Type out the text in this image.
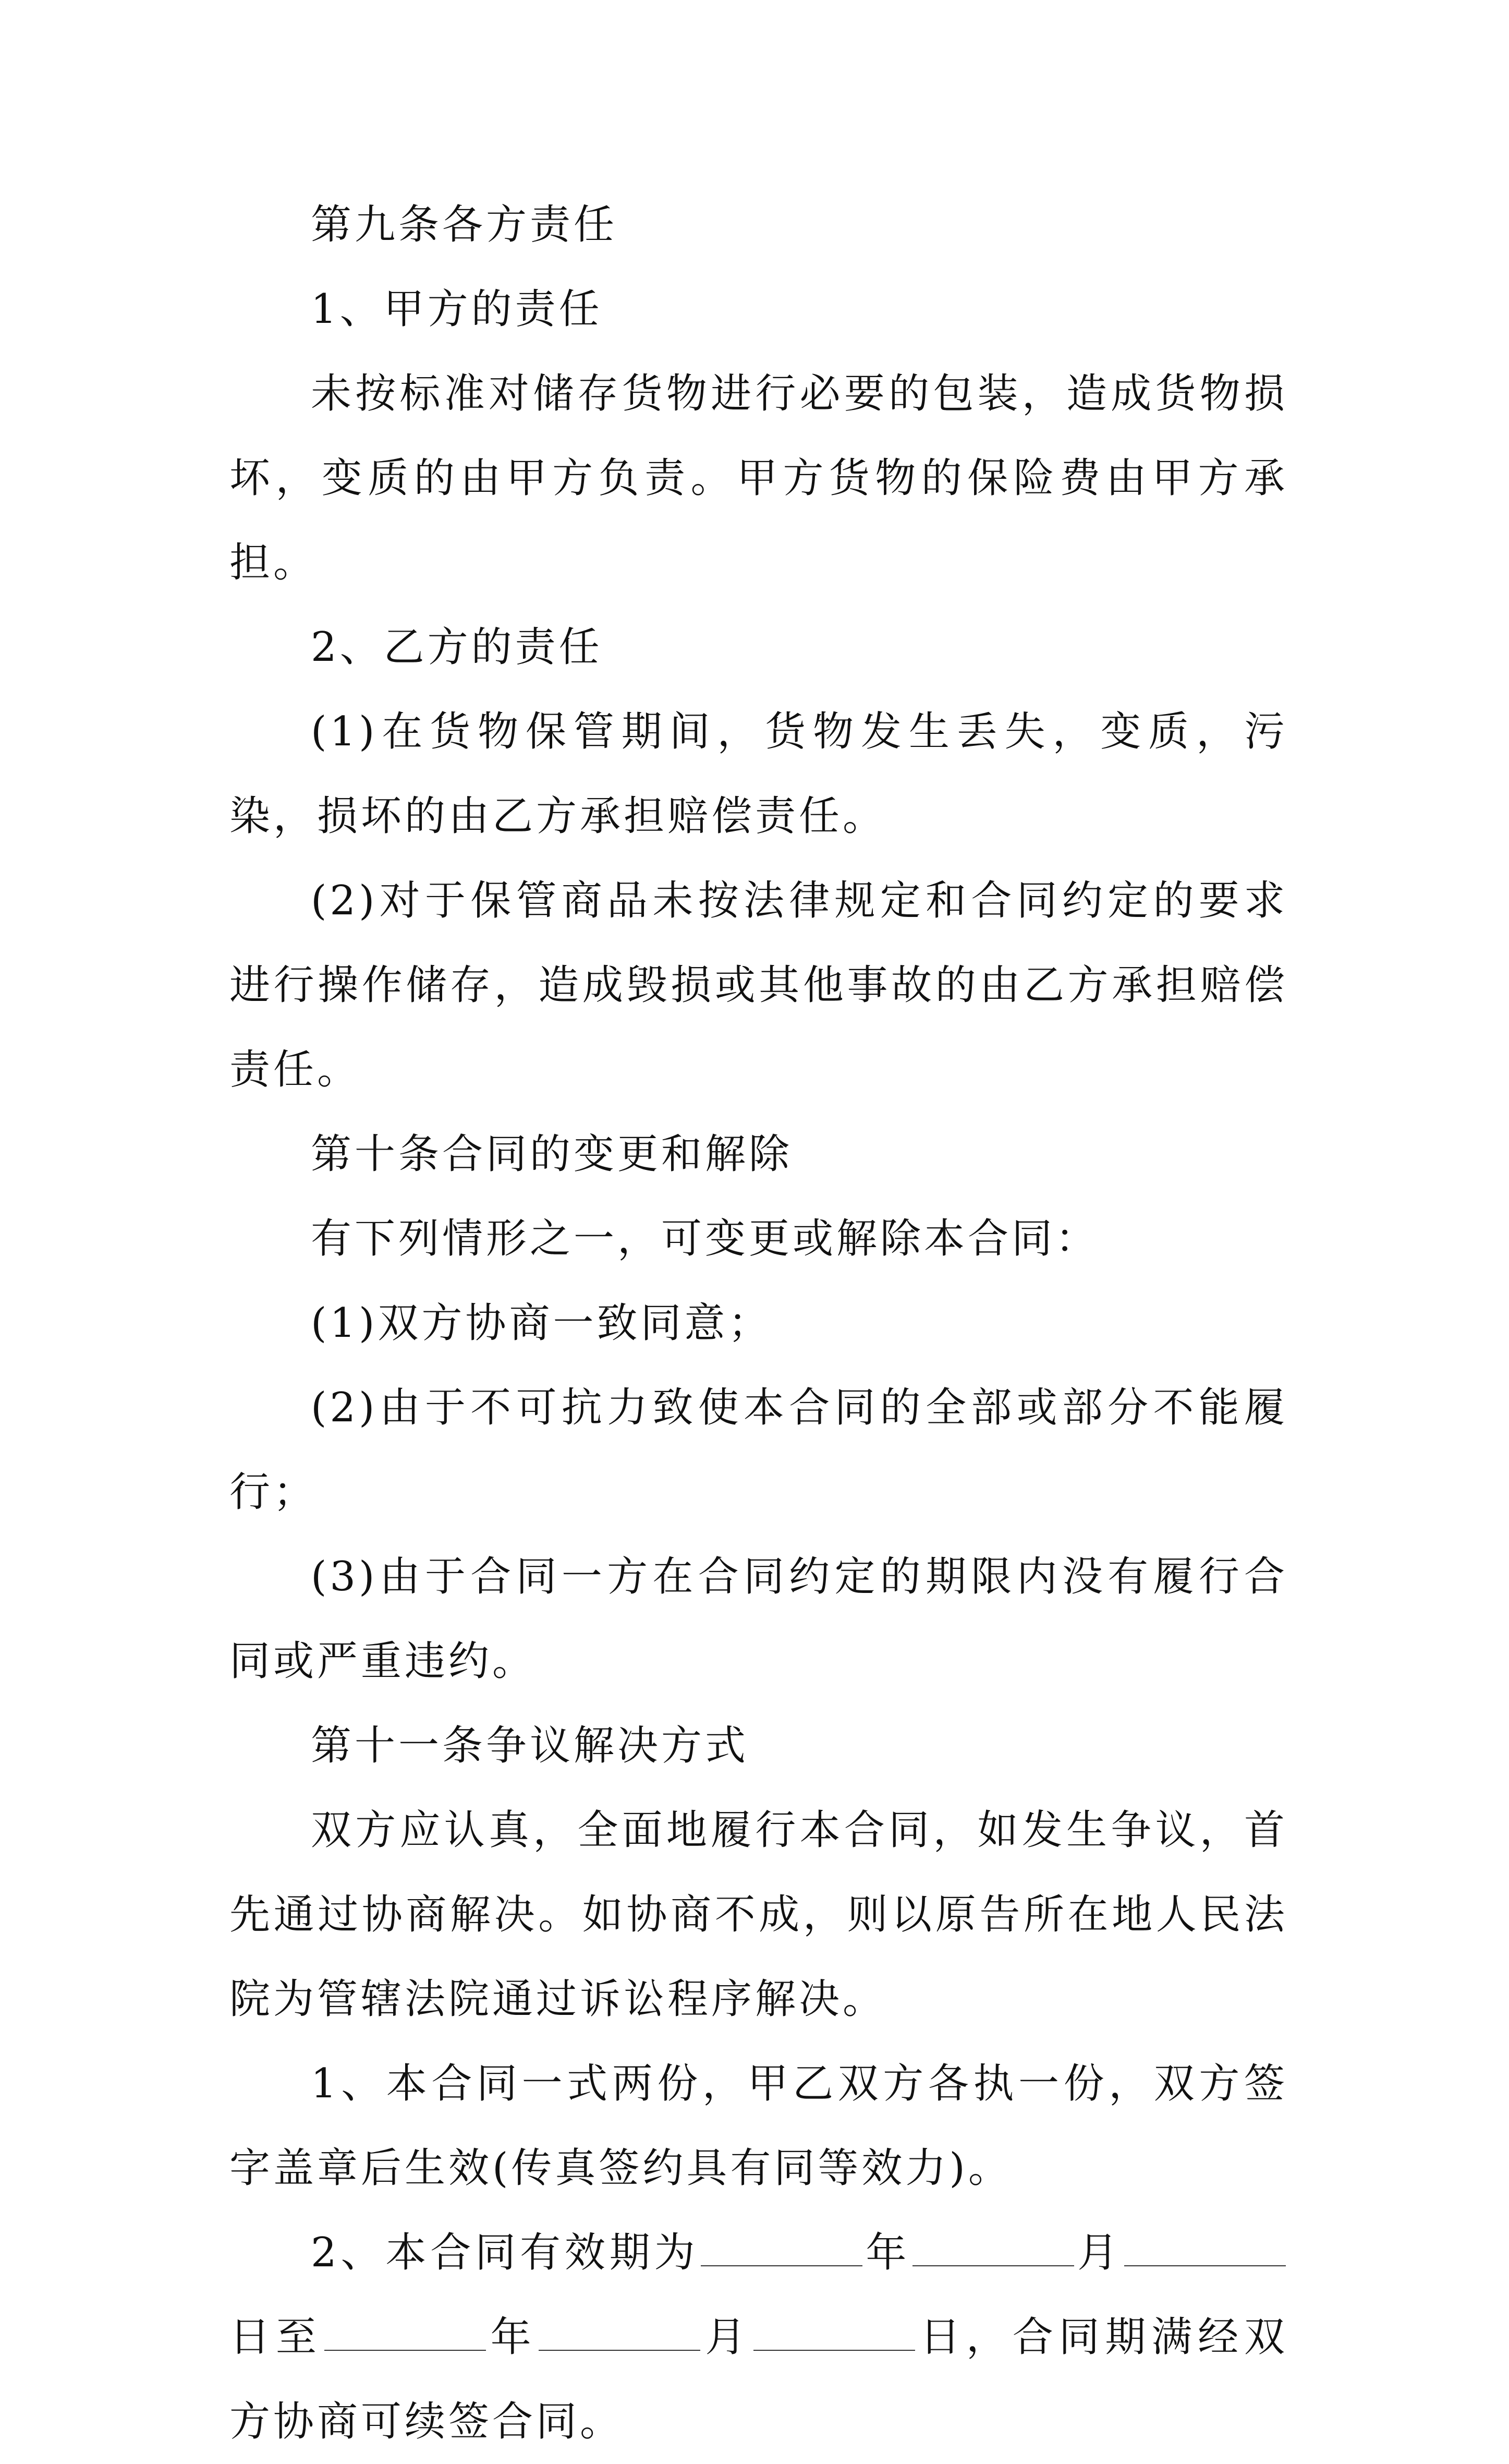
第九条各方责任

1、甲方的责任

未按标准对储存货物进行必要的包装，造成货物损坏，变质的由甲方负责。甲方货物的保险费由甲方承担。

2、乙方的责任

(1)在货物保管期间，货物发生丢失，变质，污染，损坏的由乙方承担赔偿责任。

(2)对于保管商品未按法律规定和合同约定的要求进行操作储存，造成毁损或其他事故的由乙方承担赔偿责任。

第十条合同的变更和解除

有下列情形之一，可变更或解除本合同：

(1)双方协商一致同意；

(2)由于不可抗力致使本合同的全部或部分不能履行；

(3)由于合同一方在合同约定的期限内没有履行合同或严重违约。

第十一条争议解决方式

双方应认真，全面地履行本合同，如发生争议，首先通过协商解决。如协商不成，则以原告所在地人民法院为管辖法院通过诉讼程序解决。

1、本合同一式两份，甲乙双方各执一份，双方签字盖章后生效(传真签约具有同等效力)。

2、本合同有效期为	年	月日至	年	月	日，合同期满经双方协商可续签合同。
